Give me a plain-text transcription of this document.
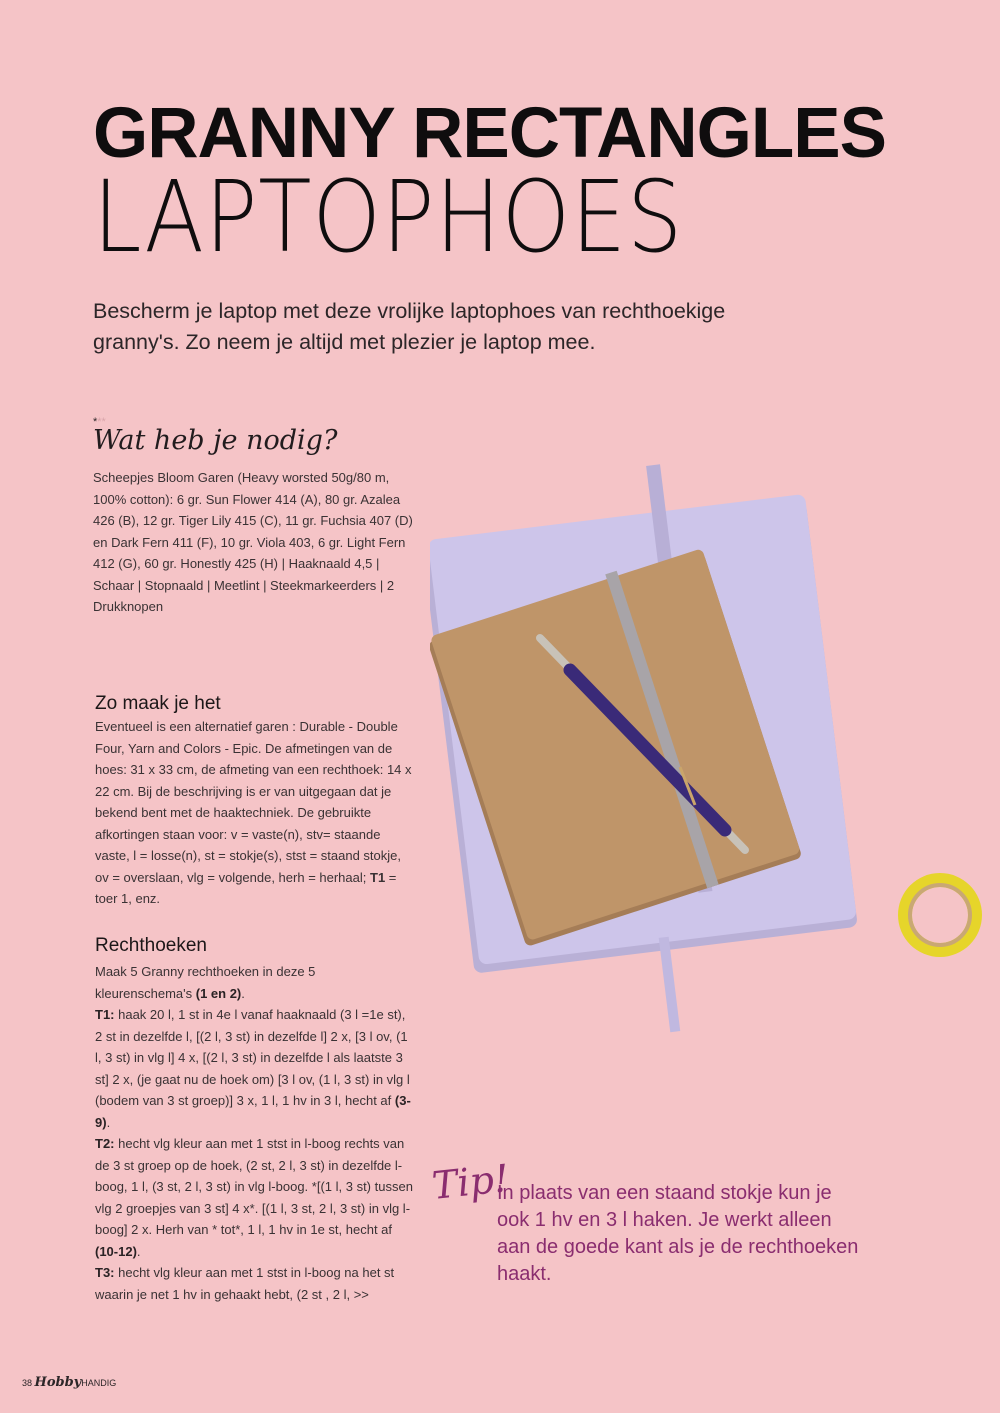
GRANNY RECTANGLES
LAPTOPHOES
Bescherm je laptop met deze vrolijke laptophoes van rechthoekige granny's. Zo neem je altijd met plezier je laptop mee.
***
Wat heb je nodig?
Scheepjes Bloom Garen (Heavy worsted 50g/80 m, 100% cotton): 6 gr. Sun Flower 414 (A), 80 gr. Azalea 426 (B), 12 gr. Tiger Lily 415 (C), 11 gr. Fuchsia 407 (D) en Dark Fern 411 (F), 10 gr. Viola 403, 6 gr. Light Fern 412 (G), 60 gr. Honestly 425 (H) | Haaknaald 4,5 | Schaar | Stopnaald | Meetlint | Steekmarkeerders | 2 Drukknopen
Zo maak je het
Eventueel is een alternatief garen : Durable - Double Four, Yarn and Colors - Epic. De afmetingen van de hoes: 31 x 33 cm, de afmeting van een rechthoek: 14 x 22 cm. Bij de beschrijving is er van uitgegaan dat je bekend bent met de haaktechniek. De gebruikte afkortingen staan voor: v = vaste(n), stv= staande vaste, l = losse(n), st = stokje(s), stst = staand stokje, ov = overslaan, vlg = volgende, herh = herhaal; T1 = toer 1, enz.
Rechthoeken

Maak 5 Granny rechthoeken in deze 5 kleurenschema's (1 en 2).

T1: haak 20 l, 1 st in 4e l vanaf haaknaald (3 l =1e st), 2 st in dezelfde l, [(2 l, 3 st) in dezelfde l] 2 x, [3 l ov, (1 l, 3 st) in vlg l] 4 x, [(2 l, 3 st) in dezelfde l als laatste 3 st] 2 x, (je gaat nu de hoek om) [3 l ov, (1 l, 3 st) in vlg l (bodem van 3 st groep)] 3 x, 1 l, 1 hv in 3 l, hecht af (3-9).

T2: hecht vlg kleur aan met 1 stst in l-boog rechts van de 3 st groep op de hoek, (2 st, 2 l, 3 st) in dezelfde l-boog, 1 l, (3 st, 2 l, 3 st) in vlg l-boog. *[(1 l, 3 st) tussen vlg 2 groepjes van 3 st] 4 x*. [(1 l, 3 st, 2 l, 3 st) in vlg l-boog] 2 x. Herh van * tot*, 1 l, 1 hv in 1e st, hecht af (10-12).

T3: hecht vlg kleur aan met 1 stst in l-boog na het st waarin je net 1 hv in gehaakt hebt, (2 st , 2 l, >>

Tip!
In plaats van een staand stokje kun je ook 1 hv en 3 l haken. Je werkt alleen aan de goede kant als je de rechthoeken haakt.
38 HobbyHANDIG
